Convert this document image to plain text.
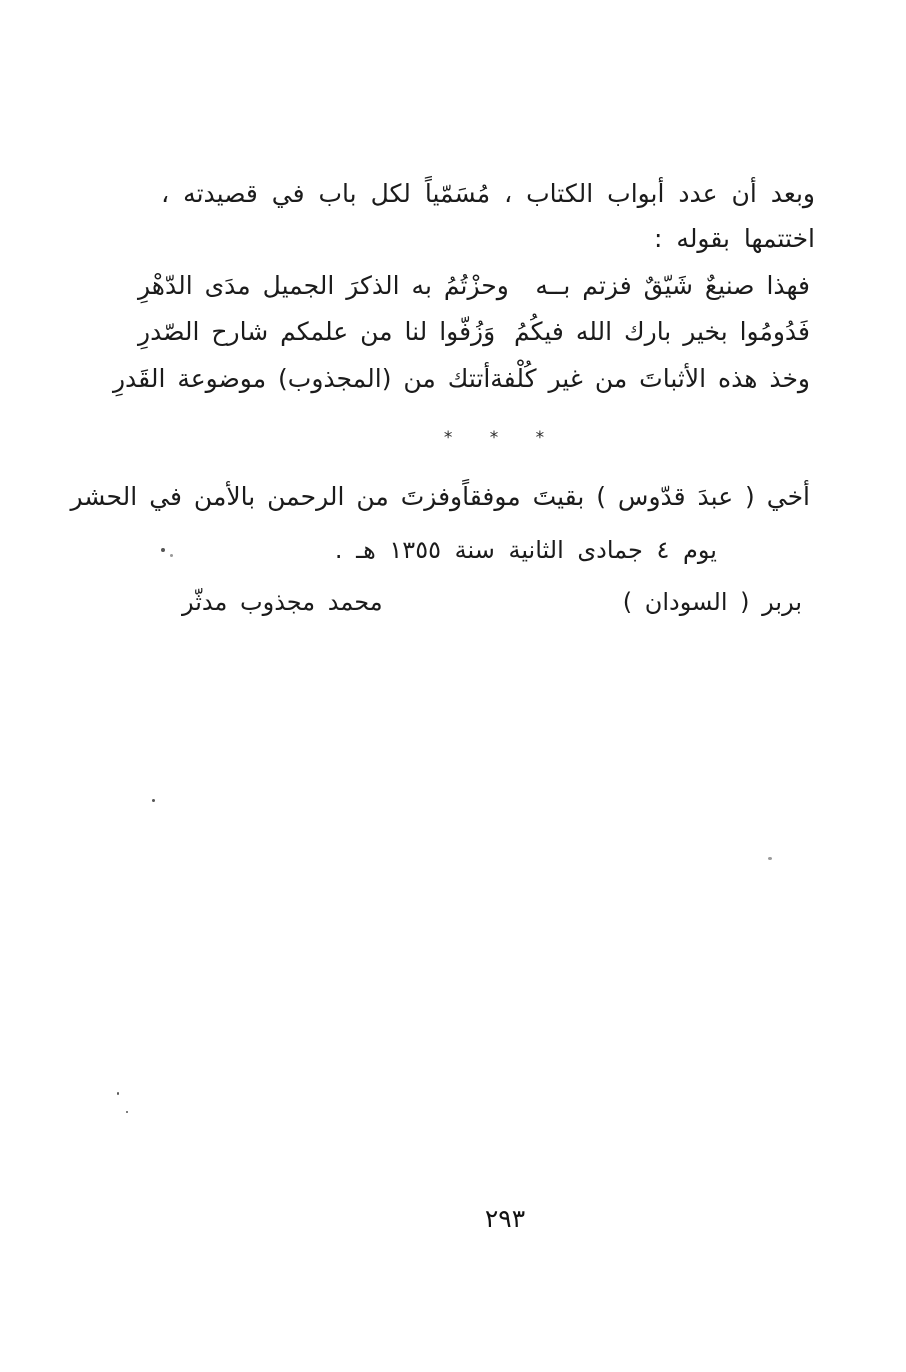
وبعد أن عدد أبواب الكتاب ، مُسَمّياً لكل باب في قصيدته ،
اختتمها بقوله :
فهذا صنيعٌ شَيّقٌ فزتم بــه
وحزْتُمُ به الذكرَ الجميل مدَى الدّهْرِ
فَدُومُوا بخير بارك الله فيكُمُ
وَزُفّوا لنا من علمكم شارح الصّدرِ
وخذ هذه الأثباتَ من غير كُلْفة
أتتك من (المجذوب) موضوعة القَدرِ
* * *
أخي ( عبدَ قدّوس ) بقيتَ موفقاً
وفزتَ من الرحمن بالأمن في الحشر
يوم ٤ جمادى الثانية سنة ١٣٥٥ هـ .
بربر ( السودان )
محمد مجذوب مدثّر
٢٩٣
